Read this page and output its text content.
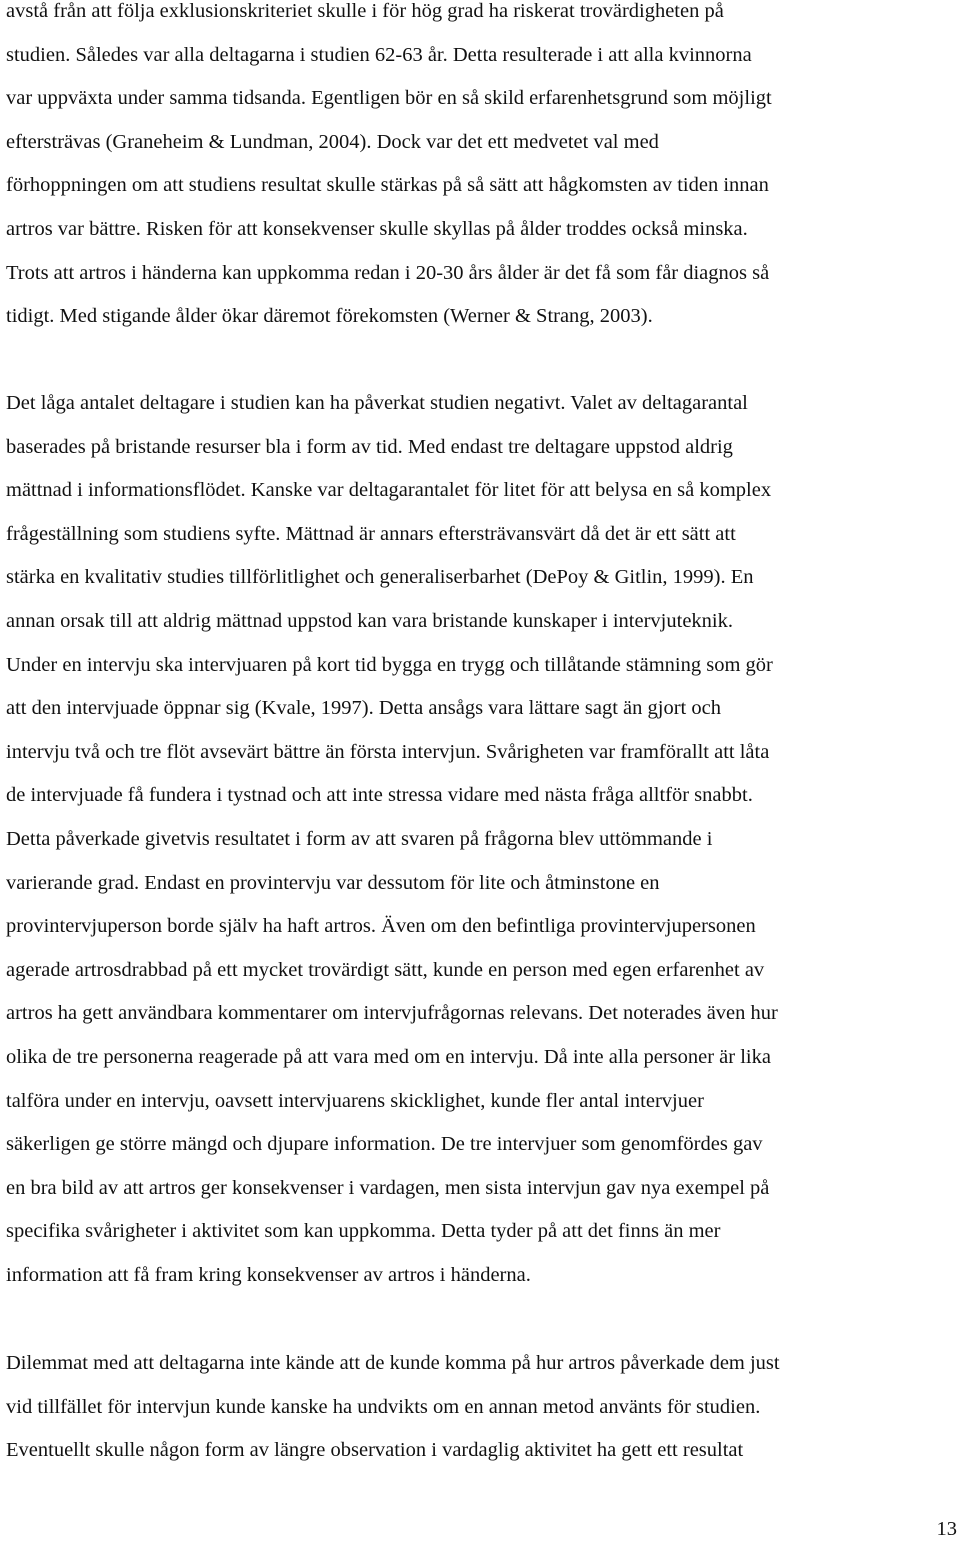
avstå från att följa exklusionskriteriet skulle i för hög grad ha riskerat trovärdigheten på
studien. Således var alla deltagarna i studien 62-63 år. Detta resulterade i att alla kvinnorna
var uppväxta under samma tidsanda. Egentligen bör en så skild erfarenhetsgrund som möjligt
eftersträvas (Graneheim & Lundman, 2004). Dock var det ett medvetet val med
förhoppningen om att studiens resultat skulle stärkas på så sätt att hågkomsten av tiden innan
artros var bättre. Risken för att konsekvenser skulle skyllas på ålder troddes också minska.
Trots att artros i händerna kan uppkomma redan i 20-30 års ålder är det få som får diagnos så
tidigt. Med stigande ålder ökar däremot förekomsten (Werner & Strang, 2003).

Det låga antalet deltagare i studien kan ha påverkat studien negativt. Valet av deltagarantal
baserades på bristande resurser bla i form av tid. Med endast tre deltagare uppstod aldrig
mättnad i informationsflödet. Kanske var deltagarantalet för litet för att belysa en så komplex
frågeställning som studiens syfte. Mättnad är annars eftersträvansvärt då det är ett sätt att
stärka en kvalitativ studies tillförlitlighet och generaliserbarhet (DePoy & Gitlin, 1999). En
annan orsak till att aldrig mättnad uppstod kan vara bristande kunskaper i intervjuteknik.
Under en intervju ska intervjuaren på kort tid bygga en trygg och tillåtande stämning som gör
att den intervjuade öppnar sig (Kvale, 1997). Detta ansågs vara lättare sagt än gjort och
intervju två och tre flöt avsevärt bättre än första intervjun. Svårigheten var framförallt att låta
de intervjuade få fundera i tystnad och att inte stressa vidare med nästa fråga alltför snabbt.
Detta påverkade givetvis resultatet i form av att svaren på frågorna blev uttömmande i
varierande grad. Endast en provintervju var dessutom för lite och åtminstone en
provintervjuperson borde själv ha haft artros. Även om den befintliga provintervjupersonen
agerade artrosdrabbad på ett mycket trovärdigt sätt, kunde en person med egen erfarenhet av
artros ha gett användbara kommentarer om intervjufrågornas relevans. Det noterades även hur
olika de tre personerna reagerade på att vara med om en intervju. Då inte alla personer är lika
talföra under en intervju, oavsett intervjuarens skicklighet, kunde fler antal intervjuer
säkerligen ge större mängd och djupare information. De tre intervjuer som genomfördes gav
en bra bild av att artros ger konsekvenser i vardagen, men sista intervjun gav nya exempel på
specifika svårigheter i aktivitet som kan uppkomma. Detta tyder på att det finns än mer
information att få fram kring konsekvenser av artros i händerna.

Dilemmat med att deltagarna inte kände att de kunde komma på hur artros påverkade dem just
vid tillfället för intervjun kunde kanske ha undvikts om en annan metod använts för studien.
Eventuellt skulle någon form av längre observation i vardaglig aktivitet ha gett ett resultat

13
